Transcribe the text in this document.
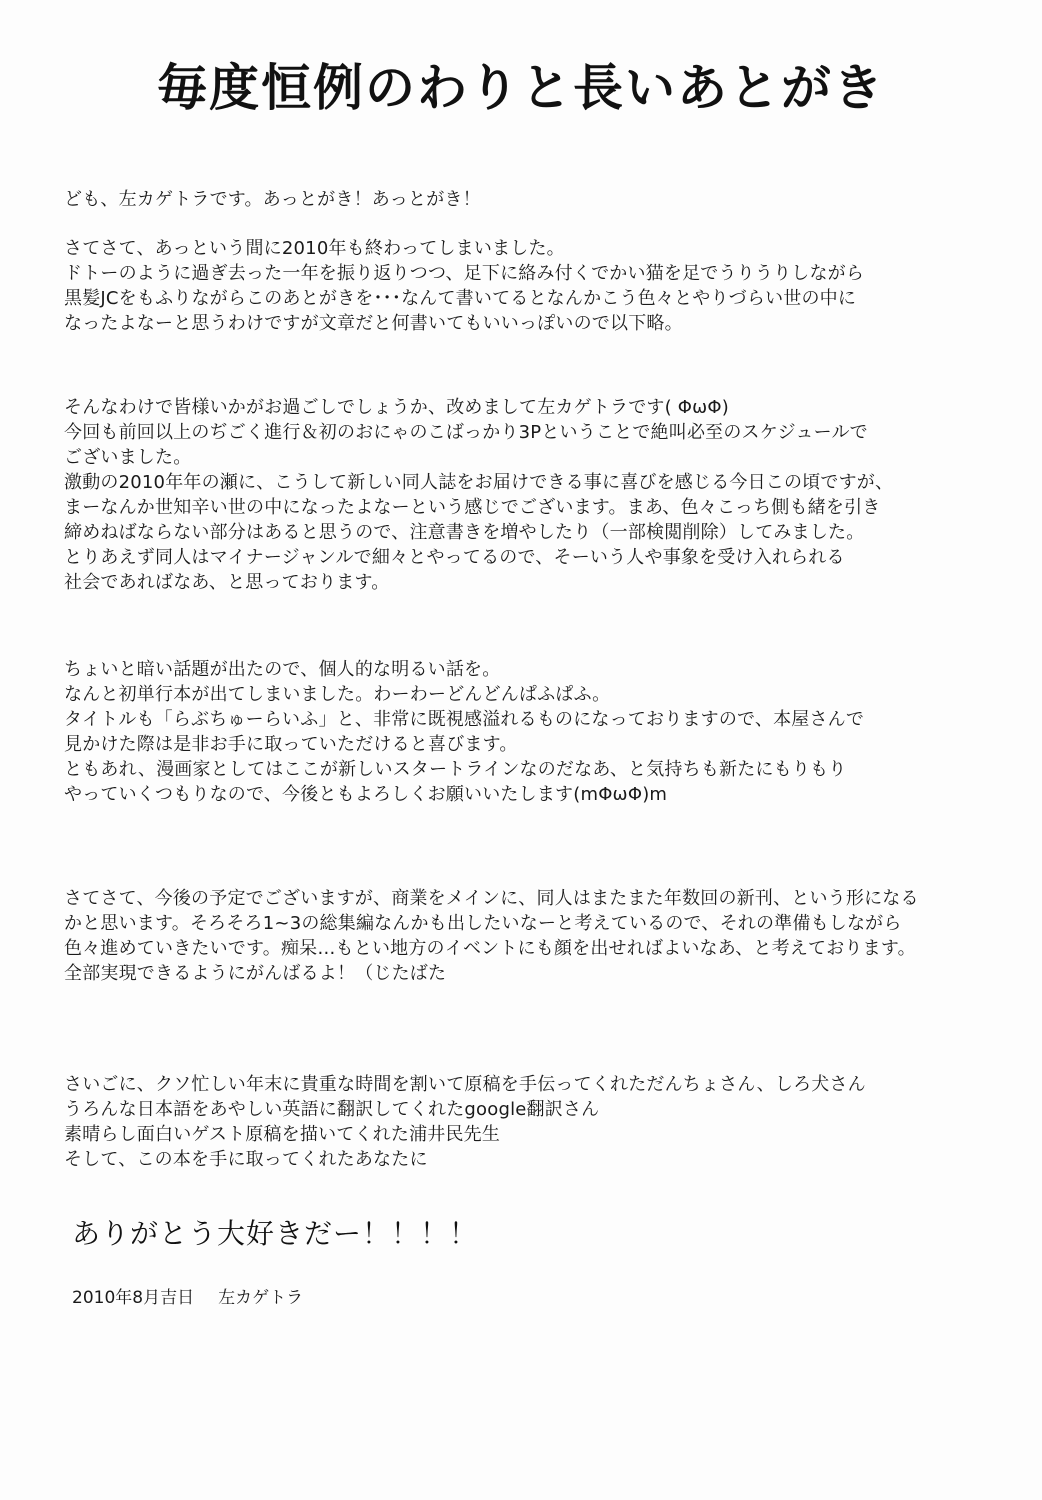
毎度恒例のわりと長いあとがき
ども、左カゲトラです。あっとがき！あっとがき！
さてさて、あっという間に2010年も終わってしまいました。
ドトーのように過ぎ去った一年を振り返りつつ、足下に絡み付くでかい猫を足でうりうりしながら
黒髪JCをもふりながらこのあとがきを･･･なんて書いてるとなんかこう色々とやりづらい世の中に
なったよなーと思うわけですが文章だと何書いてもいいっぽいので以下略。
そんなわけで皆様いかがお過ごしでしょうか、改めまして左カゲトラです( ΦωΦ)
今回も前回以上のぢごく進行＆初のおにゃのこばっかり3Pということで絶叫必至のスケジュールで
ございました。
激動の2010年年の瀬に、こうして新しい同人誌をお届けできる事に喜びを感じる今日この頃ですが、
まーなんか世知辛い世の中になったよなーという感じでございます。まあ、色々こっち側も緒を引き
締めねばならない部分はあると思うので、注意書きを増やしたり（一部検閲削除）してみました。
とりあえず同人はマイナージャンルで細々とやってるので、そーいう人や事象を受け入れられる
社会であればなあ、と思っております。
ちょいと暗い話題が出たので、個人的な明るい話を。
なんと初単行本が出てしまいました。わーわーどんどんぱふぱふ。
タイトルも「らぶちゅーらいふ」と、非常に既視感溢れるものになっておりますので、本屋さんで
見かけた際は是非お手に取っていただけると喜びます。
ともあれ、漫画家としてはここが新しいスタートラインなのだなあ、と気持ちも新たにもりもり
やっていくつもりなので、今後ともよろしくお願いいたします(mΦωΦ)m
さてさて、今後の予定でございますが、商業をメインに、同人はまたまた年数回の新刊、という形になる
かと思います。そろそろ1~3の総集編なんかも出したいなーと考えているので、それの準備もしながら
色々進めていきたいです。痴呆…もとい地方のイベントにも顔を出せればよいなあ、と考えております。
全部実現できるようにがんばるよ！（じたばた
さいごに、クソ忙しい年末に貴重な時間を割いて原稿を手伝ってくれただんちょさん、しろ犬さん
うろんな日本語をあやしい英語に翻訳してくれたgoogle翻訳さん
素晴らし面白いゲスト原稿を描いてくれた浦井民先生
そして、この本を手に取ってくれたあなたに
ありがとう大好きだー！！！！
2010年8月吉日 左カゲトラ
